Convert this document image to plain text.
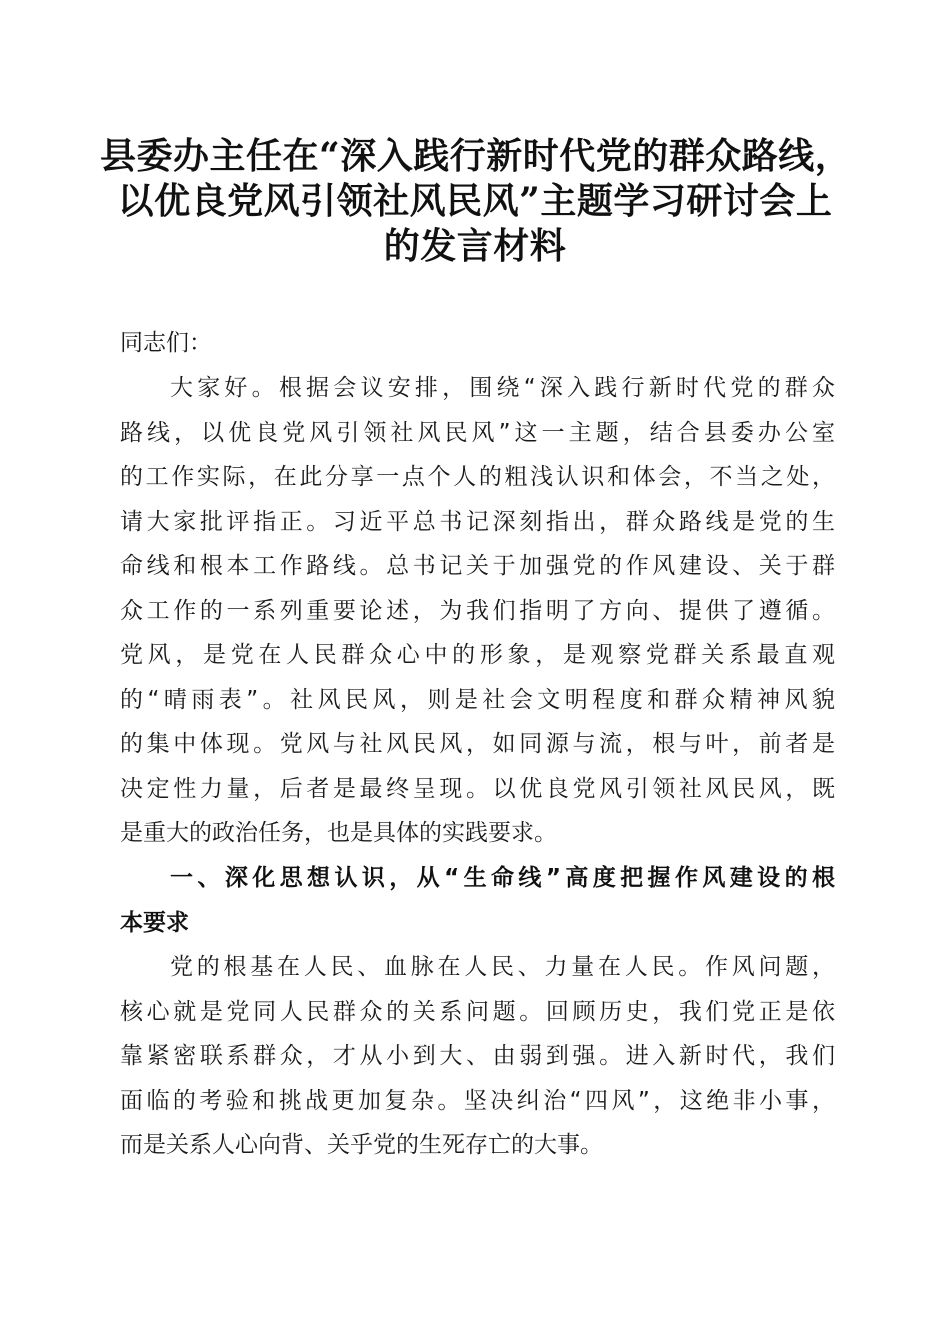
县委办主任在“深入践行新时代党的群众路线，
以优良党风引领社风民风”主题学习研讨会上
的发言材料

同志们：

大家好。根据会议安排，围绕“深入践行新时代党的群众
路线，以优良党风引领社风民风”这一主题，结合县委办公室
的工作实际，在此分享一点个人的粗浅认识和体会，不当之处，
请大家批评指正。习近平总书记深刻指出，群众路线是党的生
命线和根本工作路线。总书记关于加强党的作风建设、关于群
众工作的一系列重要论述，为我们指明了方向、提供了遵循。
党风，是党在人民群众心中的形象，是观察党群关系最直观
的“晴雨表”。社风民风，则是社会文明程度和群众精神风貌
的集中体现。党风与社风民风，如同源与流，根与叶，前者是
决定性力量，后者是最终呈现。以优良党风引领社风民风，既
是重大的政治任务，也是具体的实践要求。
一、深化思想认识，从“生命线”高度把握作风建设的根
本要求
党的根基在人民、血脉在人民、力量在人民。作风问题，
核心就是党同人民群众的关系问题。回顾历史，我们党正是依
靠紧密联系群众，才从小到大、由弱到强。进入新时代，我们
面临的考验和挑战更加复杂。坚决纠治“四风”，这绝非小事，
而是关系人心向背、关乎党的生死存亡的大事。
